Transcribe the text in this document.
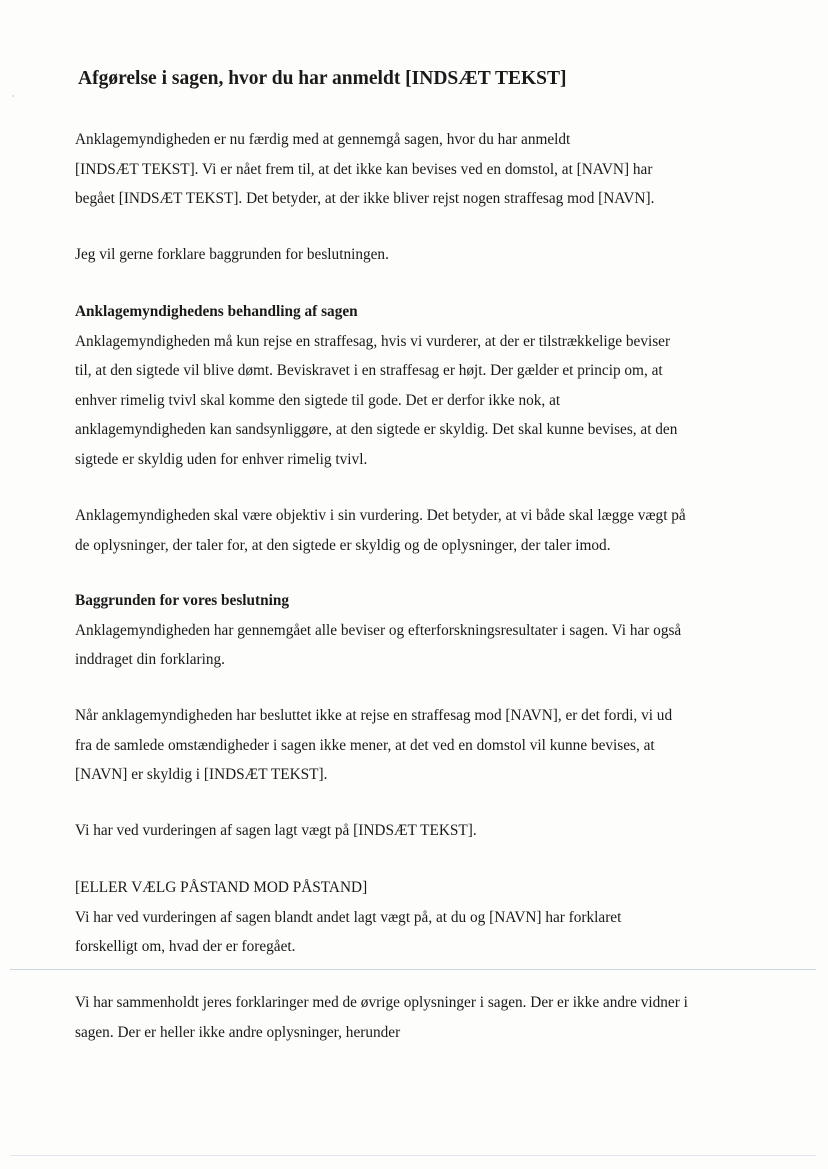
Afgørelse i sagen, hvor du har anmeldt [INDSÆT TEKST]

Anklagemyndigheden er nu færdig med at gennemgå sagen, hvor du har anmeldt
[INDSÆT TEKST]. Vi er nået frem til, at det ikke kan bevises ved en domstol, at [NAVN] har
begået [INDSÆT TEKST]. Det betyder, at der ikke bliver rejst nogen straffesag mod [NAVN].

Jeg vil gerne forklare baggrunden for beslutningen.

Anklagemyndighedens behandling af sagen
Anklagemyndigheden må kun rejse en straffesag, hvis vi vurderer, at der er tilstrækkelige beviser
til, at den sigtede vil blive dømt. Beviskravet i en straffesag er højt. Der gælder et princip om, at
enhver rimelig tvivl skal komme den sigtede til gode. Det er derfor ikke nok, at
anklagemyndigheden kan sandsynliggøre, at den sigtede er skyldig. Det skal kunne bevises, at den
sigtede er skyldig uden for enhver rimelig tvivl.

Anklagemyndigheden skal være objektiv i sin vurdering. Det betyder, at vi både skal lægge vægt på
de oplysninger, der taler for, at den sigtede er skyldig og de oplysninger, der taler imod.

Baggrunden for vores beslutning
Anklagemyndigheden har gennemgået alle beviser og efterforskningsresultater i sagen. Vi har også
inddraget din forklaring.

Når anklagemyndigheden har besluttet ikke at rejse en straffesag mod [NAVN], er det fordi, vi ud
fra de samlede omstændigheder i sagen ikke mener, at det ved en domstol vil kunne bevises, at
[NAVN] er skyldig i [INDSÆT TEKST].

Vi har ved vurderingen af sagen lagt vægt på [INDSÆT TEKST].

[ELLER VÆLG PÅSTAND MOD PÅSTAND]
Vi har ved vurderingen af sagen blandt andet lagt vægt på, at du og [NAVN] har forklaret
forskelligt om, hvad der er foregået.

Vi har sammenholdt jeres forklaringer med de øvrige oplysninger i sagen. Der er ikke andre vidner i
sagen. Der er heller ikke andre oplysninger, herunder
